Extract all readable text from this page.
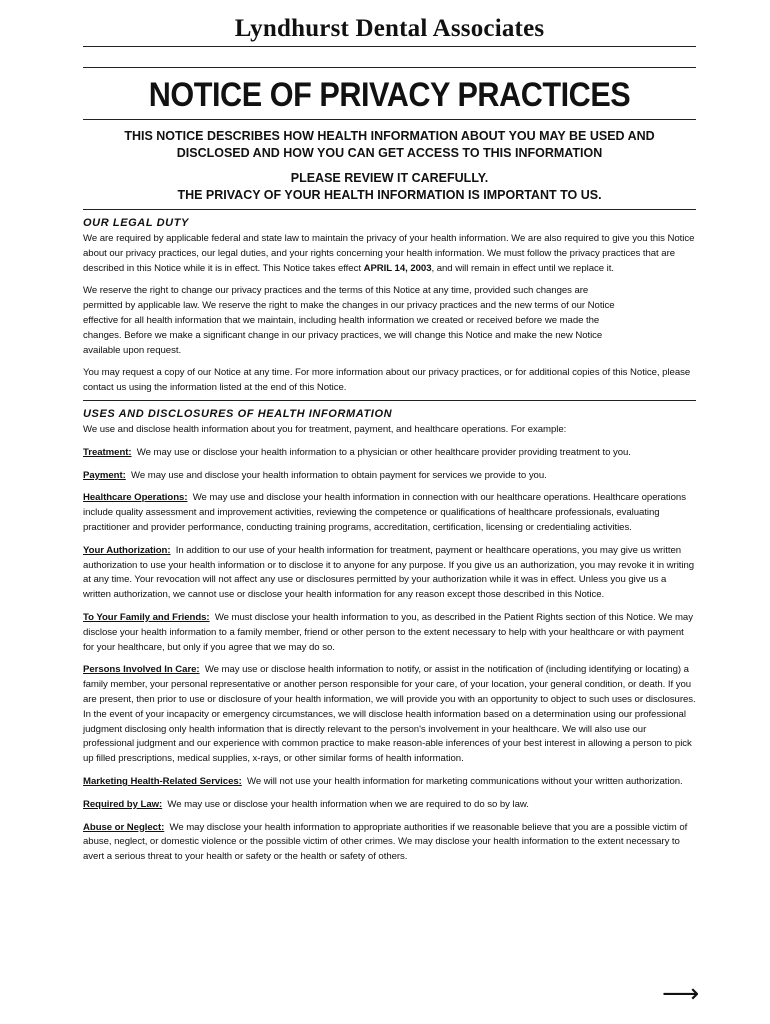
Lyndhurst Dental Associates
NOTICE OF PRIVACY PRACTICES
THIS NOTICE DESCRIBES HOW HEALTH INFORMATION ABOUT YOU MAY BE USED AND
DISCLOSED AND HOW YOU CAN GET ACCESS TO THIS INFORMATION
PLEASE REVIEW IT CAREFULLY.
THE PRIVACY OF YOUR HEALTH INFORMATION IS IMPORTANT TO US.
OUR LEGAL DUTY

We are required by applicable federal and state law to maintain the privacy of your health information. We are also required to give you this Notice about our privacy practices, our legal duties, and your rights concerning your health information. We must follow the privacy practices that are described in this Notice while it is in effect. This Notice takes effect APRIL 14, 2003, and will remain in effect until we replace it.

We reserve the right to change our privacy practices and the terms of this Notice at any time, provided such changes are permitted by applicable law. We reserve the right to make the changes in our privacy practices and the new terms of our Notice effective for all health information that we maintain, including health information we created or received before we made the changes. Before we make a significant change in our privacy practices, we will change this Notice and make the new Notice available upon request.

You may request a copy of our Notice at any time. For more information about our privacy practices, or for additional copies of this Notice, please contact us using the information listed at the end of this Notice.

USES AND DISCLOSURES OF HEALTH INFORMATION

We use and disclose health information about you for treatment, payment, and healthcare operations. For example:

Treatment: We may use or disclose your health information to a physician or other healthcare provider providing treatment to you.

Payment: We may use and disclose your health information to obtain payment for services we provide to you.

Healthcare Operations: We may use and disclose your health information in connection with our healthcare operations. Healthcare operations include quality assessment and improvement activities, reviewing the competence or qualifications of healthcare professionals, evaluating practitioner and provider performance, conducting training programs, accreditation, certification, licensing or credentialing activities.

Your Authorization: In addition to our use of your health information for treatment, payment or healthcare operations, you may give us written authorization to use your health information or to disclose it to anyone for any purpose. If you give us an authorization, you may revoke it in writing at any time. Your revocation will not affect any use or disclosures permitted by your authorization while it was in effect. Unless you give us a written authorization, we cannot use or disclose your health information for any reason except those described in this Notice.

To Your Family and Friends: We must disclose your health information to you, as described in the Patient Rights section of this Notice. We may disclose your health information to a family member, friend or other person to the extent necessary to help with your healthcare or with payment for your healthcare, but only if you agree that we may do so.

Persons Involved In Care: We may use or disclose health information to notify, or assist in the notification of (including identifying or locating) a family member, your personal representative or another person responsible for your care, of your location, your general condition, or death. If you are present, then prior to use or disclosure of your health information, we will provide you with an opportunity to object to such uses or disclosures. In the event of your incapacity or emergency circumstances, we will disclose health information based on a determination using our professional judgment disclosing only health information that is directly relevant to the person's involvement in your healthcare. We will also use our professional judgment and our experience with common practice to make reason-able inferences of your best interest in allowing a person to pick up filled prescriptions, medical supplies, x-rays, or other similar forms of health information.

Marketing Health-Related Services: We will not use your health information for marketing communications without your written authorization.

Required by Law: We may use or disclose your health information when we are required to do so by law.

Abuse or Neglect: We may disclose your health information to appropriate authorities if we reasonable believe that you are a possible victim of abuse, neglect, or domestic violence or the possible victim of other crimes. We may disclose your health information to the extent necessary to avert a serious threat to your health or safety or the health or safety of others.

⟶
